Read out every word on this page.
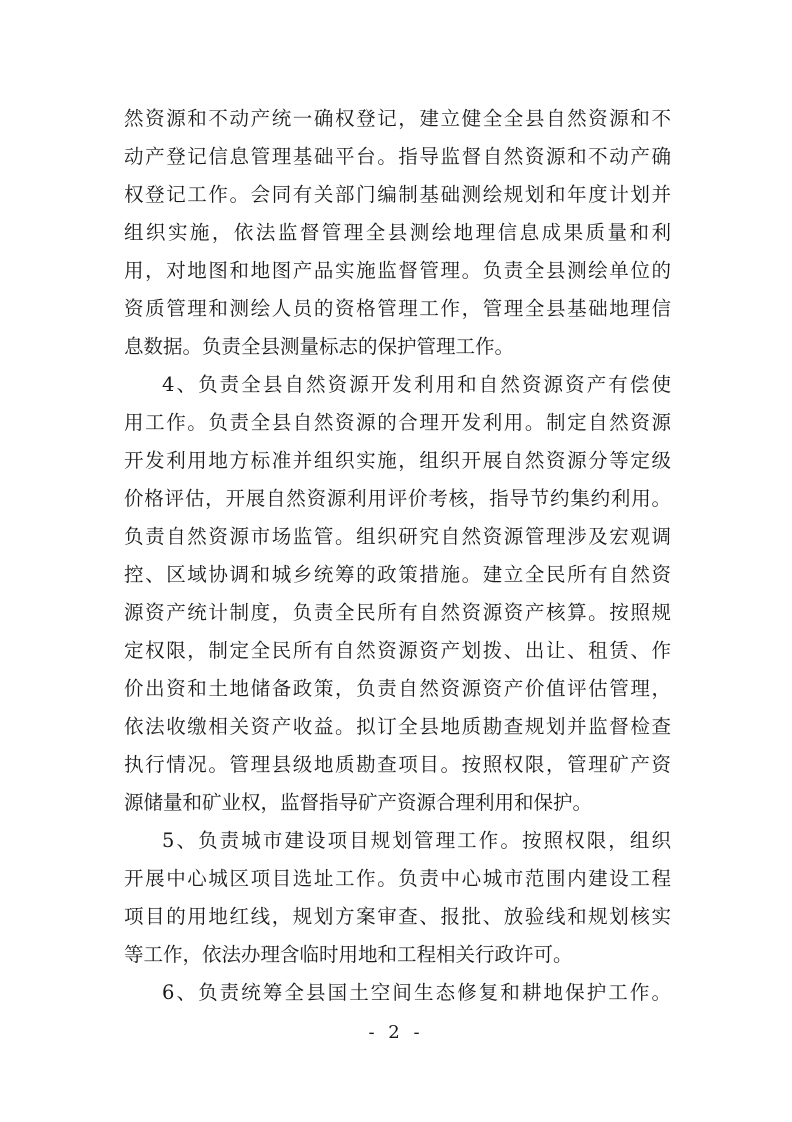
然资源和不动产统一确权登记，建立健全全县自然资源和不
动产登记信息管理基础平台。指导监督自然资源和不动产确
权登记工作。会同有关部门编制基础测绘规划和年度计划并
组织实施，依法监督管理全县测绘地理信息成果质量和利
用，对地图和地图产品实施监督管理。负责全县测绘单位的
资质管理和测绘人员的资格管理工作，管理全县基础地理信
息数据。负责全县测量标志的保护管理工作。
4、负责全县自然资源开发利用和自然资源资产有偿使
用工作。负责全县自然资源的合理开发利用。制定自然资源
开发利用地方标准并组织实施，组织开展自然资源分等定级
价格评估，开展自然资源利用评价考核，指导节约集约利用。
负责自然资源市场监管。组织研究自然资源管理涉及宏观调
控、区域协调和城乡统筹的政策措施。建立全民所有自然资
源资产统计制度，负责全民所有自然资源资产核算。按照规
定权限，制定全民所有自然资源资产划拨、出让、租赁、作
价出资和土地储备政策，负责自然资源资产价值评估管理，
依法收缴相关资产收益。拟订全县地质勘查规划并监督检查
执行情况。管理县级地质勘查项目。按照权限，管理矿产资
源储量和矿业权，监督指导矿产资源合理利用和保护。
5、负责城市建设项目规划管理工作。按照权限，组织
开展中心城区项目选址工作。负责中心城市范围内建设工程
项目的用地红线，规划方案审查、报批、放验线和规划核实
等工作，依法办理含临时用地和工程相关行政许可。
6、负责统筹全县国土空间生态修复和耕地保护工作。
- 2 -
